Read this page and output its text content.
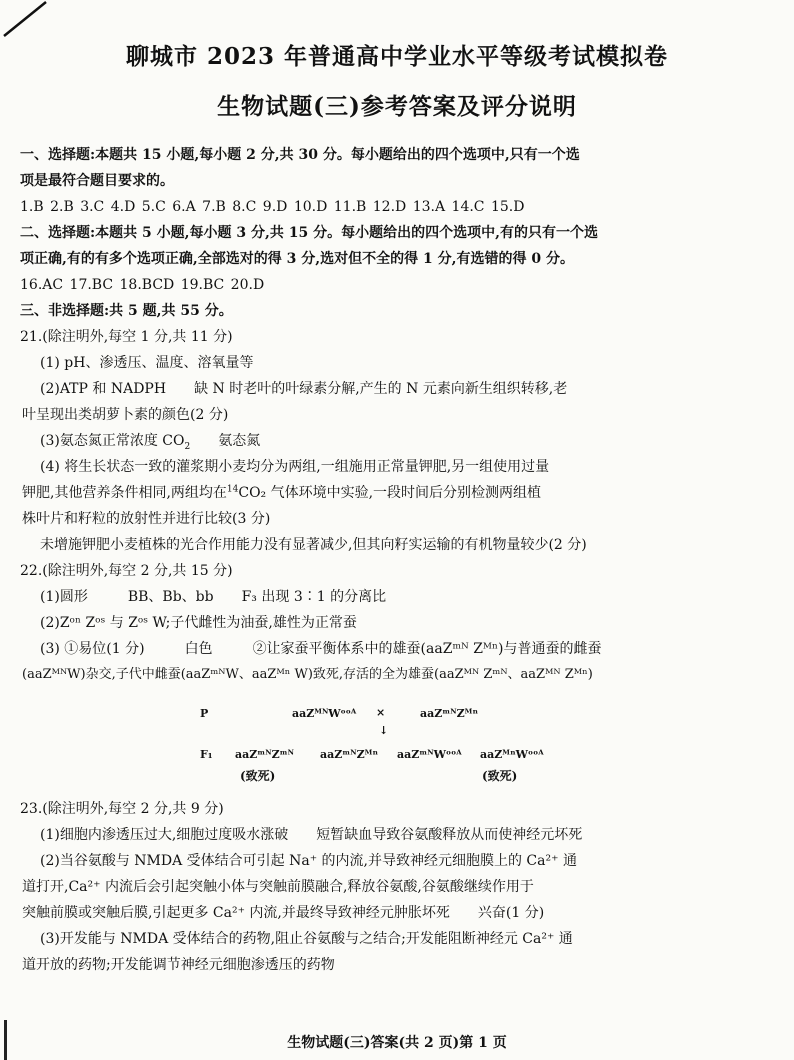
聊城市 2023 年普通高中学业水平等级考试模拟卷
生物试题(三)参考答案及评分说明
一、选择题:本题共 15 小题,每小题 2 分,共 30 分。每小题给出的四个选项中,只有一个选
项是最符合题目要求的。
1.B 2.B 3.C 4.D 5.C 6.A 7.B 8.C 9.D 10.D 11.B 12.D 13.A 14.C 15.D
二、选择题:本题共 5 小题,每小题 3 分,共 15 分。每小题给出的四个选项中,有的只有一个选
项正确,有的有多个选项正确,全部选对的得 3 分,选对但不全的得 1 分,有选错的得 0 分。
16.AC 17.BC 18.BCD 19.BC 20.D
三、非选择题:共 5 题,共 55 分。
21.(除注明外,每空 1 分,共 11 分)
(1) pH、渗透压、温度、溶氧量等
(2)ATP 和 NADPH 缺 N 时老叶的叶绿素分解,产生的 N 元素向新生组织转移,老
叶呈现出类胡萝卜素的颜色(2 分)
(3)氨态氮正常浓度 $CO_2$ 氨态氮
(4) 将生长状态一致的灌浆期小麦均分为两组,一组施用正常量钾肥,另一组使用过量
钾肥,其他营养条件相同,两组均在$^{14}$CO₂ 气体环境中实验,一段时间后分别检测两组植
株叶片和籽粒的放射性并进行比较(3 分)
未增施钾肥小麦植株的光合作用能力没有显著减少,但其向籽实运输的有机物量较少(2 分)
22.(除注明外,每空 2 分,共 15 分)
(1)圆形	BB、Bb、bb F₃ 出现 3∶1 的分离比
(2)Zᵒⁿ Zᵒˢ 与 Zᵒˢ W;子代雌性为油蚕,雄性为正常蚕
(3) ①易位(1 分)	白色	②让家蚕平衡体系中的雄蚕(aaZᵐᴺ Zᴹⁿ)与普通蚕的雌蚕
(aaZᴹᴺW)杂交,子代中雌蚕(aaZᵐᴺW、aaZᴹⁿ W)致死,存活的全为雄蚕(aaZᴹᴺ Zᵐᴺ、aaZᴹᴺ Zᴹⁿ)
P	aaZᴹᴺWᵒᵒᴬ ×	aaZᵐᴺZᴹⁿ
↓
F₁ aaZᵐᴺZᵐᴺ aaZᵐᴺZᴹⁿ aaZᵐᴺWᵒᵒᴬ aaZᴹⁿWᵒᵒᴬ
(致死)	(致死)
23.(除注明外,每空 2 分,共 9 分)
(1)细胞内渗透压过大,细胞过度吸水涨破 短暂缺血导致谷氨酸释放从而使神经元坏死
(2)当谷氨酸与 NMDA 受体结合可引起 Na⁺ 的内流,并导致神经元细胞膜上的 Ca²⁺ 通
道打开,Ca²⁺ 内流后会引起突触小体与突触前膜融合,释放谷氨酸,谷氨酸继续作用于
突触前膜或突触后膜,引起更多 Ca²⁺ 内流,并最终导致神经元肿胀坏死 兴奋(1 分)
(3)开发能与 NMDA 受体结合的药物,阻止谷氨酸与之结合;开发能阻断神经元 Ca²⁺ 通
道开放的药物;开发能调节神经元细胞渗透压的药物
生物试题(三)答案(共 2 页)第 1 页
